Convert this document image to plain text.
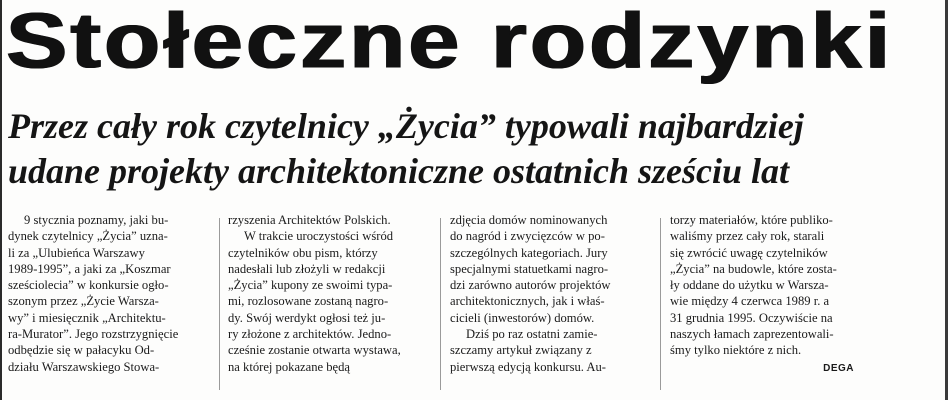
Stołeczne rodzynki
Przez cały rok czytelnicy „Życia” typowali najbardziej
udane projekty architektoniczne ostatnich sześciu lat
9 stycznia poznamy, jaki bu-
dynek czytelnicy „Życia” uzna-
li za „Ulubieńca Warszawy
1989-1995”, a jaki za „Koszmar
sześciolecia” w konkursie ogło-
szonym przez „Życie Warsza-
wy” i miesięcznik „Architektu-
ra-Murator”. Jego rozstrzygnięcie
odbędzie się w pałacyku Od-
działu Warszawskiego Stowa-
rzyszenia Architektów Polskich.
W trakcie uroczystości wśród
czytelników obu pism, którzy
nadesłali lub złożyli w redakcji
„Życia” kupony ze swoimi typa-
mi, rozlosowane zostaną nagro-
dy. Swój werdykt ogłosi też ju-
ry złożone z architektów. Jedno-
cześnie zostanie otwarta wystawa,
na której pokazane będą
zdjęcia domów nominowanych
do nagród i zwycięzców w po-
szczególnych kategoriach. Jury
specjalnymi statuetkami nagro-
dzi zarówno autorów projektów
architektonicznych, jak i właś-
cicieli (inwestorów) domów.
Dziś po raz ostatni zamie-
szczamy artykuł związany z
pierwszą edycją konkursu. Au-
torzy materiałów, które publiko-
waliśmy przez cały rok, starali
się zwrócić uwagę czytelników
„Życia” na budowle, które zosta-
ły oddane do użytku w Warsza-
wie między 4 czerwca 1989 r. a
31 grudnia 1995. Oczywiście na
naszych łamach zaprezentowali-
śmy tylko niektóre z nich.
DEGA
